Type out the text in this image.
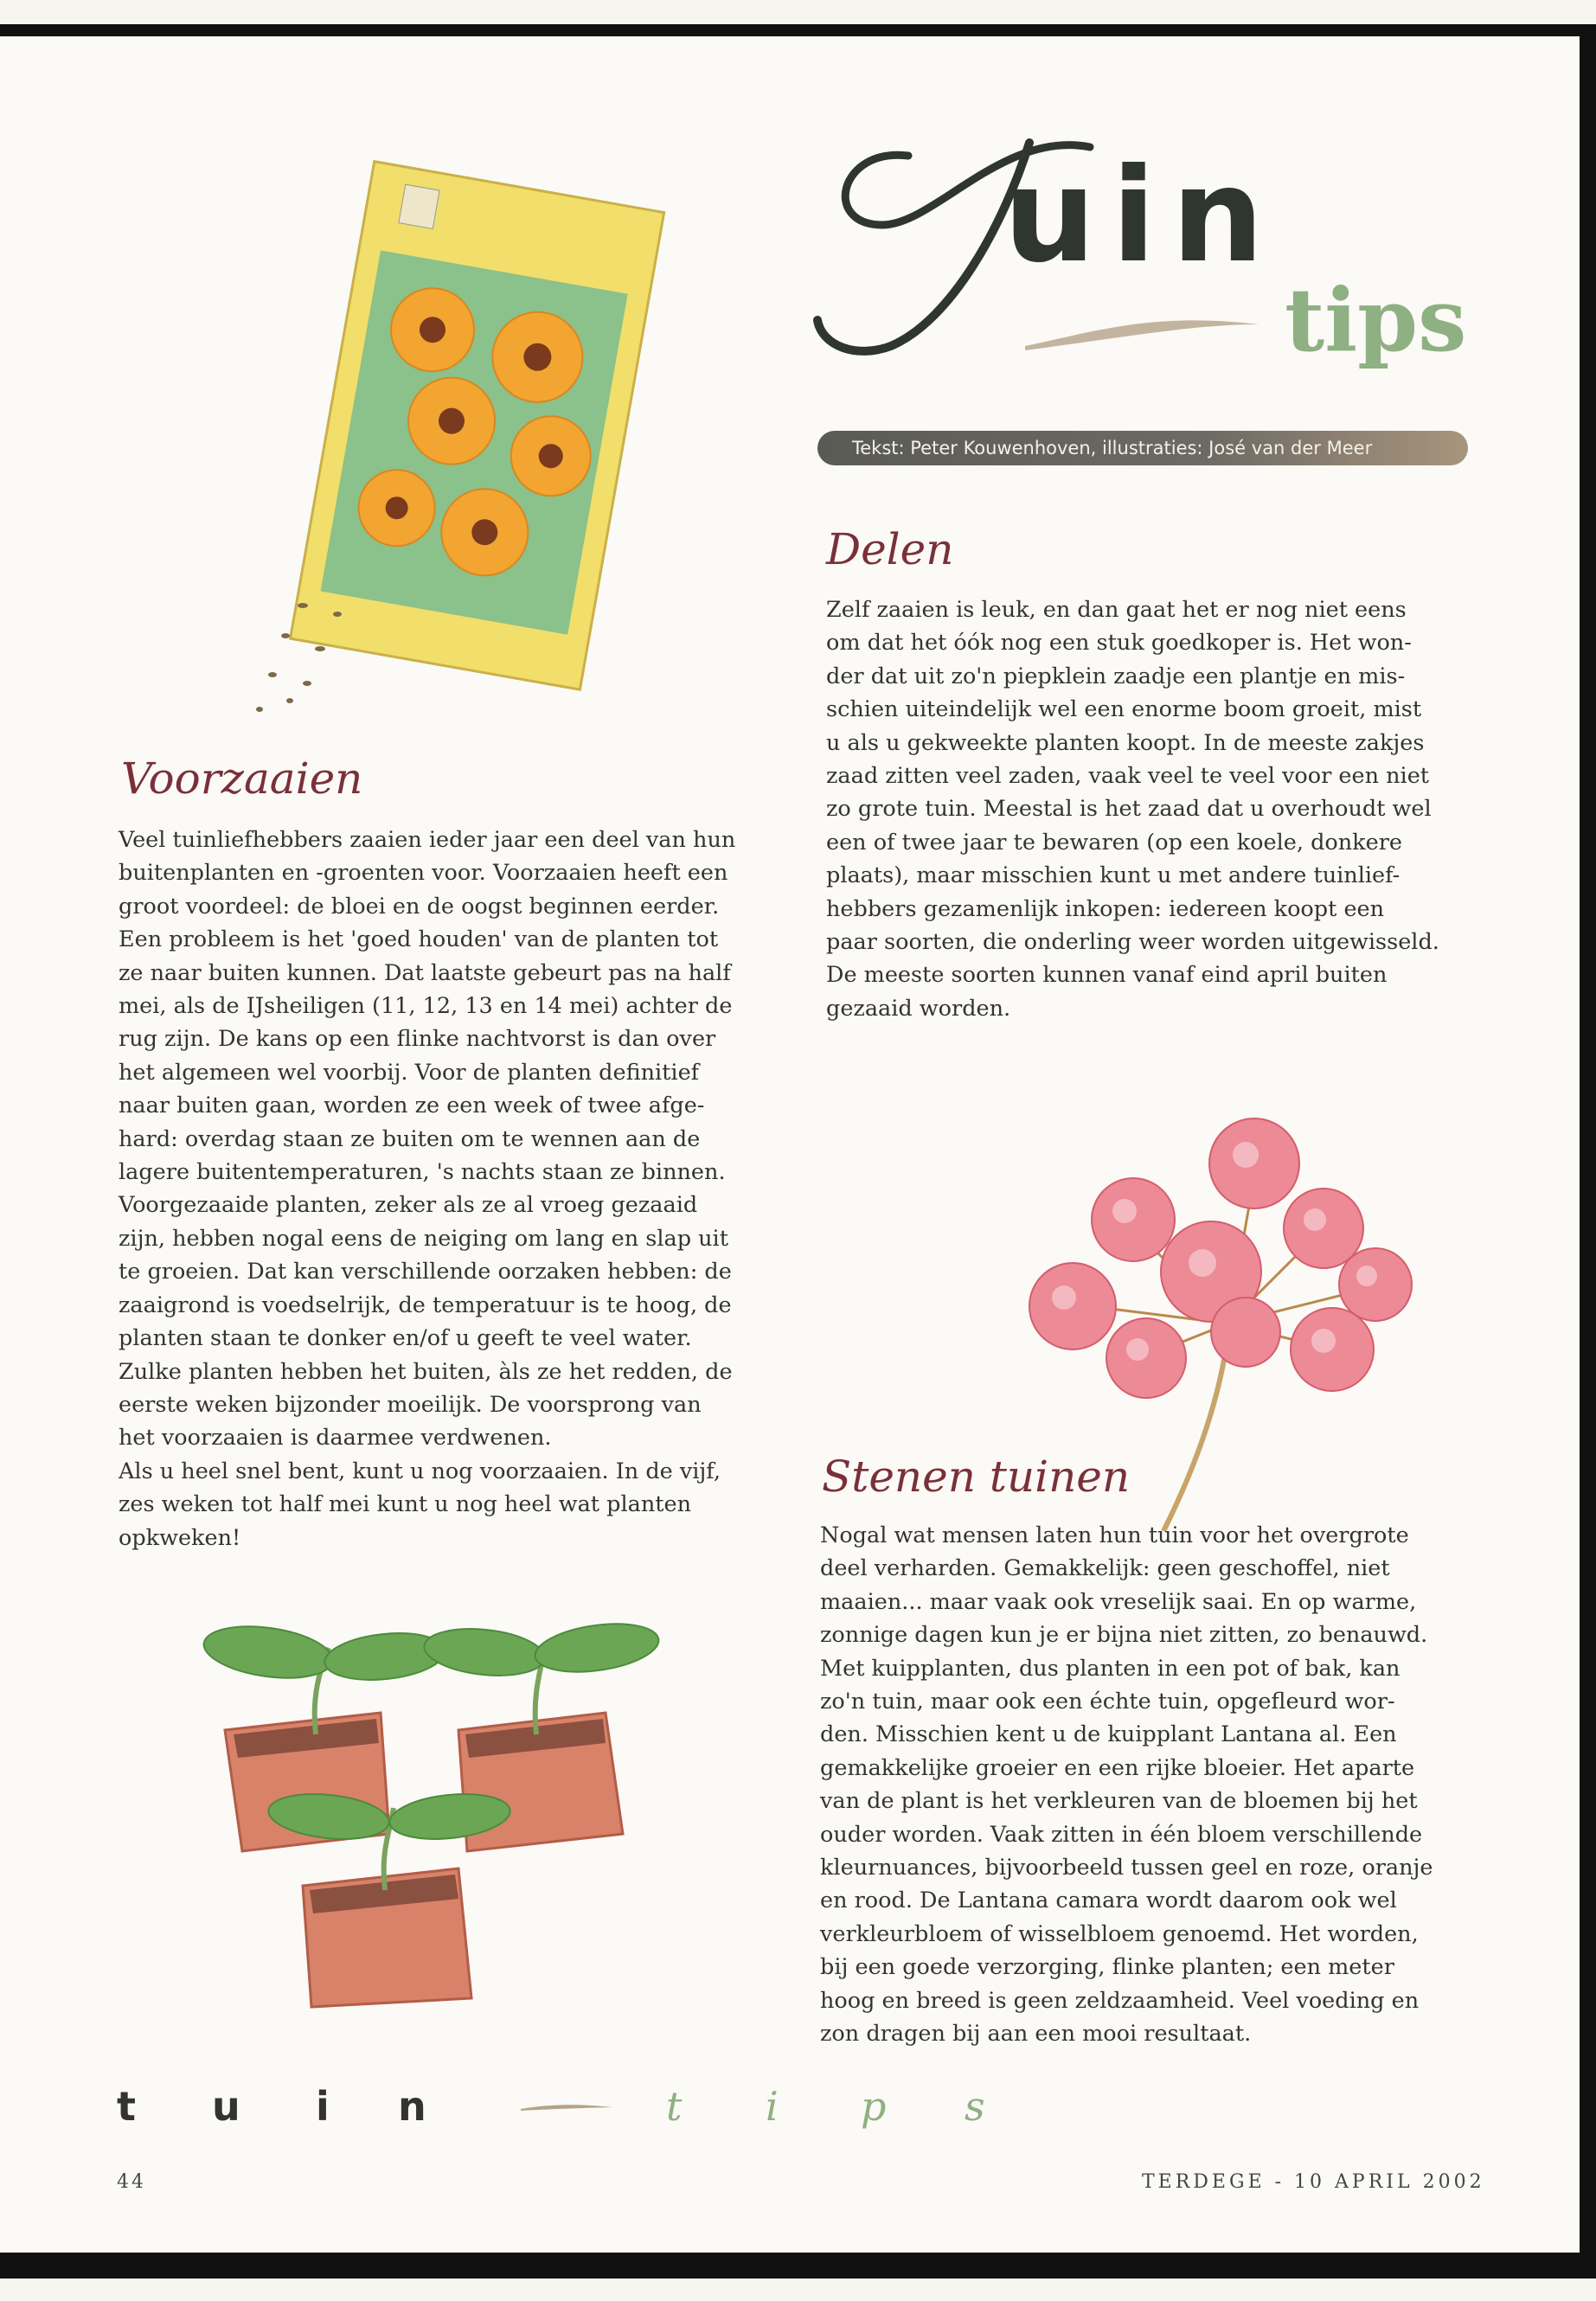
uin
tips
Tekst: Peter Kouwenhoven, illustraties: José van der Meer
Delen
Zelf zaaien is leuk, en dan gaat het er nog niet eens
om dat het óók nog een stuk goedkoper is. Het won-
der dat uit zo'n piepklein zaadje een plantje en mis-
schien uiteindelijk wel een enorme boom groeit, mist
u als u gekweekte planten koopt. In de meeste zakjes
zaad zitten veel zaden, vaak veel te veel voor een niet
zo grote tuin. Meestal is het zaad dat u overhoudt wel
een of twee jaar te bewaren (op een koele, donkere
plaats), maar misschien kunt u met andere tuinlief-
hebbers gezamenlijk inkopen: iedereen koopt een
paar soorten, die onderling weer worden uitgewisseld.
De meeste soorten kunnen vanaf eind april buiten
gezaaid worden.
Voorzaaien
Veel tuinliefhebbers zaaien ieder jaar een deel van hun
buitenplanten en -groenten voor. Voorzaaien heeft een
groot voordeel: de bloei en de oogst beginnen eerder.
Een probleem is het 'goed houden' van de planten tot
ze naar buiten kunnen. Dat laatste gebeurt pas na half
mei, als de IJsheiligen (11, 12, 13 en 14 mei) achter de
rug zijn. De kans op een flinke nachtvorst is dan over
het algemeen wel voorbij. Voor de planten definitief
naar buiten gaan, worden ze een week of twee afge-
hard: overdag staan ze buiten om te wennen aan de
lagere buitentemperaturen, 's nachts staan ze binnen.
Voorgezaaide planten, zeker als ze al vroeg gezaaid
zijn, hebben nogal eens de neiging om lang en slap uit
te groeien. Dat kan verschillende oorzaken hebben: de
zaaigrond is voedselrijk, de temperatuur is te hoog, de
planten staan te donker en/of u geeft te veel water.
Zulke planten hebben het buiten, àls ze het redden, de
eerste weken bijzonder moeilijk. De voorsprong van
het voorzaaien is daarmee verdwenen.
Als u heel snel bent, kunt u nog voorzaaien. In de vijf,
zes weken tot half mei kunt u nog heel wat planten
opkweken!
Stenen tuinen
Nogal wat mensen laten hun tuin voor het overgrote
deel verharden. Gemakkelijk: geen geschoffel, niet
maaien... maar vaak ook vreselijk saai. En op warme,
zonnige dagen kun je er bijna niet zitten, zo benauwd.
Met kuipplanten, dus planten in een pot of bak, kan
zo'n tuin, maar ook een échte tuin, opgefleurd wor-
den. Misschien kent u de kuipplant Lantana al. Een
gemakkelijke groeier en een rijke bloeier. Het aparte
van de plant is het verkleuren van de bloemen bij het
ouder worden. Vaak zitten in één bloem verschillende
kleurnuances, bijvoorbeeld tussen geel en roze, oranje
en rood. De Lantana camara wordt daarom ook wel
verkleurbloem of wisselbloem genoemd. Het worden,
bij een goede verzorging, flinke planten; een meter
hoog en breed is geen zeldzaamheid. Veel voeding en
zon dragen bij aan een mooi resultaat.
t u i n	t i p s
44	TERDEGE - 10 APRIL 2002
